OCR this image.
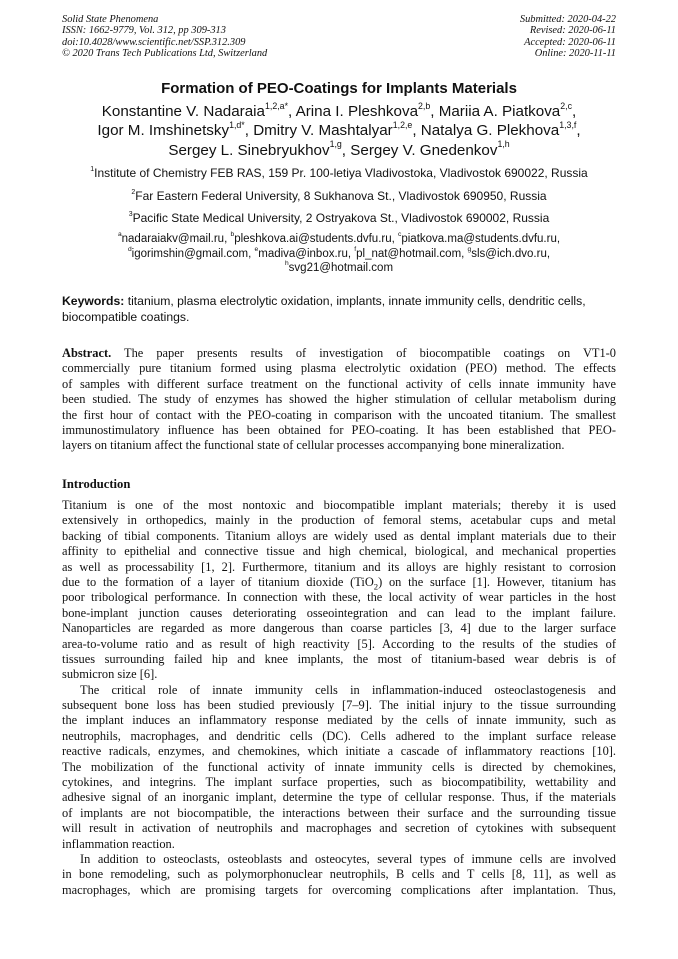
Solid State Phenomena
ISSN: 1662-9779, Vol. 312, pp 309-313
doi:10.4028/www.scientific.net/SSP.312.309
© 2020 Trans Tech Publications Ltd, Switzerland
Submitted: 2020-04-22
Revised: 2020-06-11
Accepted: 2020-06-11
Online: 2020-11-11
Formation of PEO-Coatings for Implants Materials
Konstantine V. Nadaraia$^{1,2,a*}$, Arina I. Pleshkova$^{2,b}$, Mariia A. Piatkova$^{2,c}$,
Igor M. Imshinetsky$^{1,d*}$, Dmitry V. Mashtalyar$^{1,2,e}$, Natalya G. Plekhova$^{1,3,f}$,
Sergey L. Sinebryukhov$^{1,g}$, Sergey V. Gnedenkov$^{1,h}$
$^1$Institute of Chemistry FEB RAS, 159 Pr. 100-letiya Vladivostoka, Vladivostok 690022, Russia
$^2$Far Eastern Federal University, 8 Sukhanova St., Vladivostok 690950, Russia
$^3$Pacific State Medical University, 2 Ostryakova St., Vladivostok 690002, Russia
$^a$nadaraiakv@mail.ru, $^b$pleshkova.ai@students.dvfu.ru, $^c$piatkova.ma@students.dvfu.ru,
$^d$igorimshin@gmail.com, $^e$madiva@inbox.ru, $^f$pl_nat@hotmail.com, $^g$sls@ich.dvo.ru,
$^h$svg21@hotmail.com
Keywords: titanium, plasma electrolytic oxidation, implants, innate immunity cells, dendritic cells,
biocompatible coatings.
Abstract. The paper presents results of investigation of biocompatible coatings on VT1-0
commercially pure titanium formed using plasma electrolytic oxidation (PEO) method. The effects
of samples with different surface treatment on the functional activity of cells innate immunity have
been studied. The study of enzymes has showed the higher stimulation of cellular metabolism during
the first hour of contact with the PEO-coating in comparison with the uncoated titanium. The smallest
immunostimulatory influence has been obtained for PEO-coating. It has been established that PEO-
layers on titanium affect the functional state of cellular processes accompanying bone mineralization.
Introduction
Titanium is one of the most nontoxic and biocompatible implant materials; thereby it is used
extensively in orthopedics, mainly in the production of femoral stems, acetabular cups and metal
backing of tibial components. Titanium alloys are widely used as dental implant materials due to their
affinity to epithelial and connective tissue and high chemical, biological, and mechanical properties
as well as processability [1, 2]. Furthermore, titanium and its alloys are highly resistant to corrosion
due to the formation of a layer of titanium dioxide (TiO$_2$) on the surface [1]. However, titanium has
poor tribological performance. In connection with these, the local activity of wear particles in the host
bone-implant junction causes deteriorating osseointegration and can lead to the implant failure.
Nanoparticles are regarded as more dangerous than coarse particles [3, 4] due to the larger surface
area-to-volume ratio and as result of high reactivity [5]. According to the results of the studies of
tissues surrounding failed hip and knee implants, the most of titanium-based wear debris is of
submicron size [6].
The critical role of innate immunity cells in inflammation-induced osteoclastogenesis and
subsequent bone loss has been studied previously [7–9]. The initial injury to the tissue surrounding
the implant induces an inflammatory response mediated by the cells of innate immunity, such as
neutrophils, macrophages, and dendritic cells (DC). Cells adhered to the implant surface release
reactive radicals, enzymes, and chemokines, which initiate a cascade of inflammatory reactions [10].
The mobilization of the functional activity of innate immunity cells is directed by chemokines,
cytokines, and integrins. The implant surface properties, such as biocompatibility, wettability and
adhesive signal of an inorganic implant, determine the type of cellular response. Thus, if the materials
of implants are not biocompatible, the interactions between their surface and the surrounding tissue
will result in activation of neutrophils and macrophages and secretion of cytokines with subsequent
inflammation reaction.
In addition to osteoclasts, osteoblasts and osteocytes, several types of immune cells are involved
in bone remodeling, such as polymorphonuclear neutrophils, B cells and T cells [8, 11], as well as
macrophages, which are promising targets for overcoming complications after implantation. Thus,
